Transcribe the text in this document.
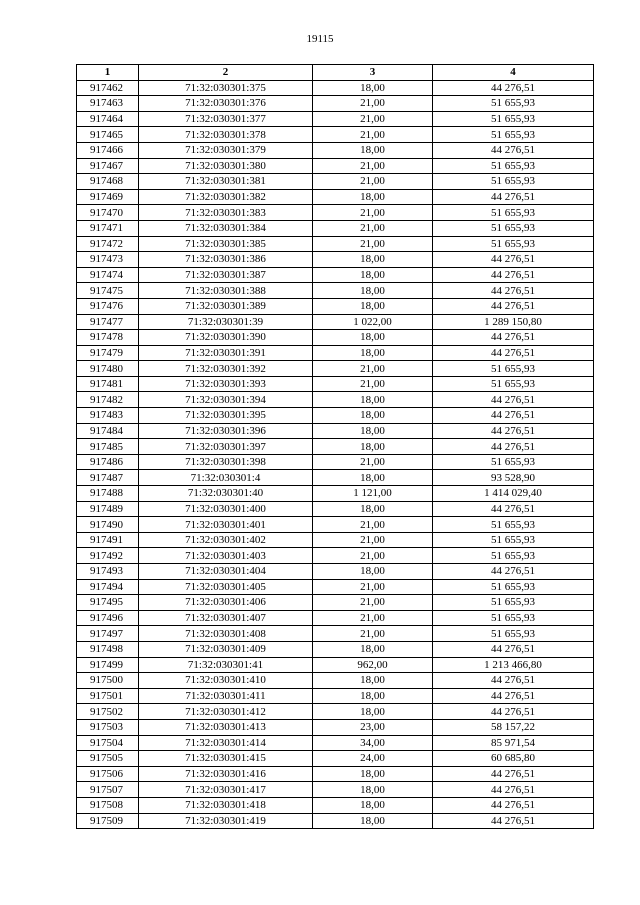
19115
1	2	3	4
917462	71:32:030301:375	18,00	44 276,51
917463	71:32:030301:376	21,00	51 655,93
917464	71:32:030301:377	21,00	51 655,93
917465	71:32:030301:378	21,00	51 655,93
917466	71:32:030301:379	18,00	44 276,51
917467	71:32:030301:380	21,00	51 655,93
917468	71:32:030301:381	21,00	51 655,93
917469	71:32:030301:382	18,00	44 276,51
917470	71:32:030301:383	21,00	51 655,93
917471	71:32:030301:384	21,00	51 655,93
917472	71:32:030301:385	21,00	51 655,93
917473	71:32:030301:386	18,00	44 276,51
917474	71:32:030301:387	18,00	44 276,51
917475	71:32:030301:388	18,00	44 276,51
917476	71:32:030301:389	18,00	44 276,51
917477	71:32:030301:39	1 022,00	1 289 150,80
917478	71:32:030301:390	18,00	44 276,51
917479	71:32:030301:391	18,00	44 276,51
917480	71:32:030301:392	21,00	51 655,93
917481	71:32:030301:393	21,00	51 655,93
917482	71:32:030301:394	18,00	44 276,51
917483	71:32:030301:395	18,00	44 276,51
917484	71:32:030301:396	18,00	44 276,51
917485	71:32:030301:397	18,00	44 276,51
917486	71:32:030301:398	21,00	51 655,93
917487	71:32:030301:4	18,00	93 528,90
917488	71:32:030301:40	1 121,00	1 414 029,40
917489	71:32:030301:400	18,00	44 276,51
917490	71:32:030301:401	21,00	51 655,93
917491	71:32:030301:402	21,00	51 655,93
917492	71:32:030301:403	21,00	51 655,93
917493	71:32:030301:404	18,00	44 276,51
917494	71:32:030301:405	21,00	51 655,93
917495	71:32:030301:406	21,00	51 655,93
917496	71:32:030301:407	21,00	51 655,93
917497	71:32:030301:408	21,00	51 655,93
917498	71:32:030301:409	18,00	44 276,51
917499	71:32:030301:41	962,00	1 213 466,80
917500	71:32:030301:410	18,00	44 276,51
917501	71:32:030301:411	18,00	44 276,51
917502	71:32:030301:412	18,00	44 276,51
917503	71:32:030301:413	23,00	58 157,22
917504	71:32:030301:414	34,00	85 971,54
917505	71:32:030301:415	24,00	60 685,80
917506	71:32:030301:416	18,00	44 276,51
917507	71:32:030301:417	18,00	44 276,51
917508	71:32:030301:418	18,00	44 276,51
917509	71:32:030301:419	18,00	44 276,51
